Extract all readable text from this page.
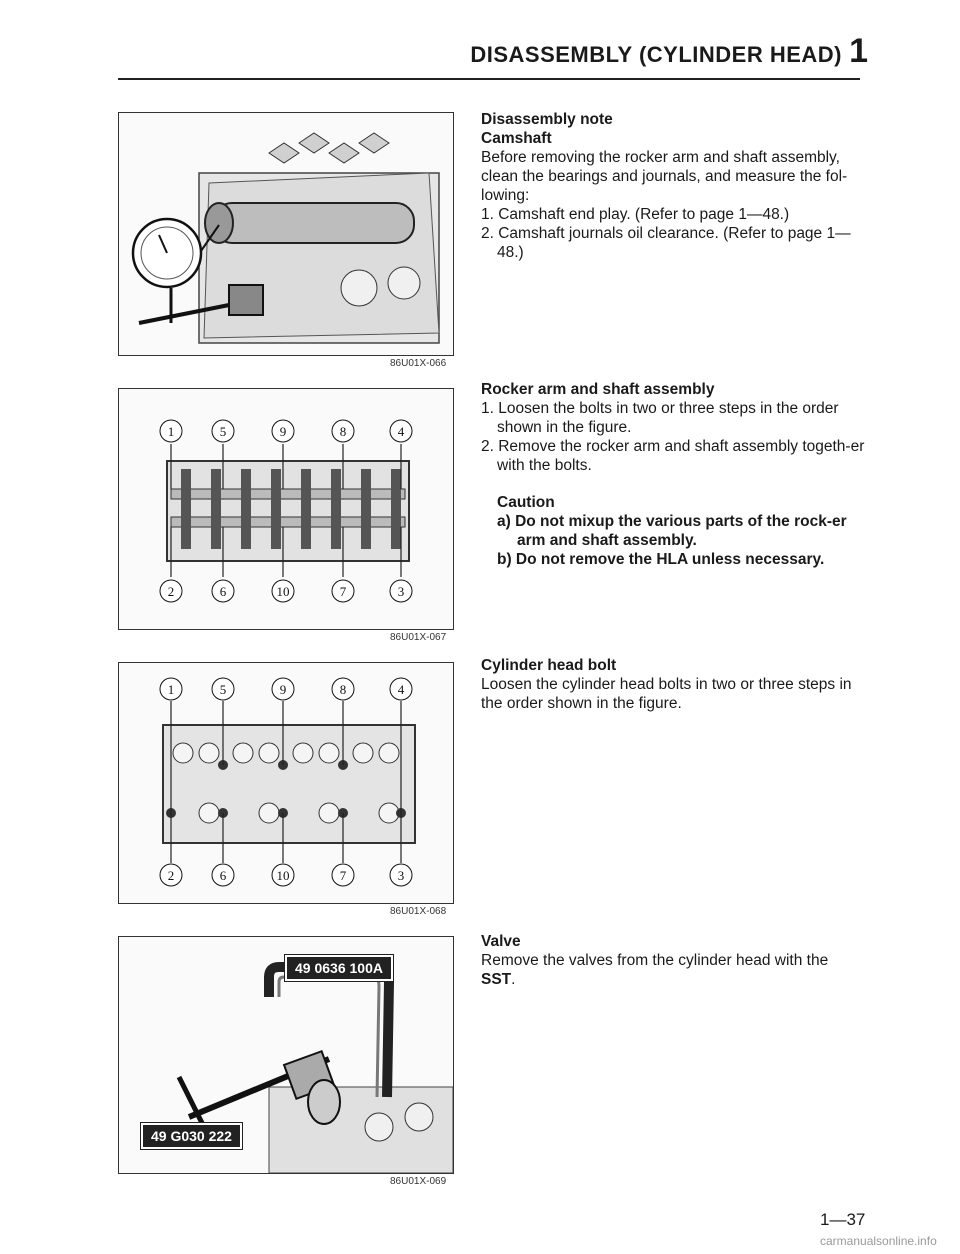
DISASSEMBLY (CYLINDER HEAD) 1
86U01X-066
1	5	9	8	4
2	6	10	7	3
86U01X-067
1	5	9	8	4
2	6	10	7	3
86U01X-068
49 0636 100A
49 G030 222
86U01X-069
Disassembly note
Camshaft

Before removing the rocker arm and shaft assembly, clean the bearings and journals, and measure the fol-lowing:

1. Camshaft end play. (Refer to page 1—48.)
2. Camshaft journals oil clearance. (Refer to page 1—48.)
Rocker arm and shaft assembly
1. Loosen the bolts in two or three steps in the order shown in the figure.
2. Remove the rocker arm and shaft assembly togeth-er with the bolts.
Caution
a) Do not mixup the various parts of the rock-er arm and shaft assembly.
b) Do not remove the HLA unless necessary.
Cylinder head bolt

Loosen the cylinder head bolts in two or three steps in the order shown in the figure.

Valve

Remove the valves from the cylinder head with the SST.

1—37
carmanualsonline.info
